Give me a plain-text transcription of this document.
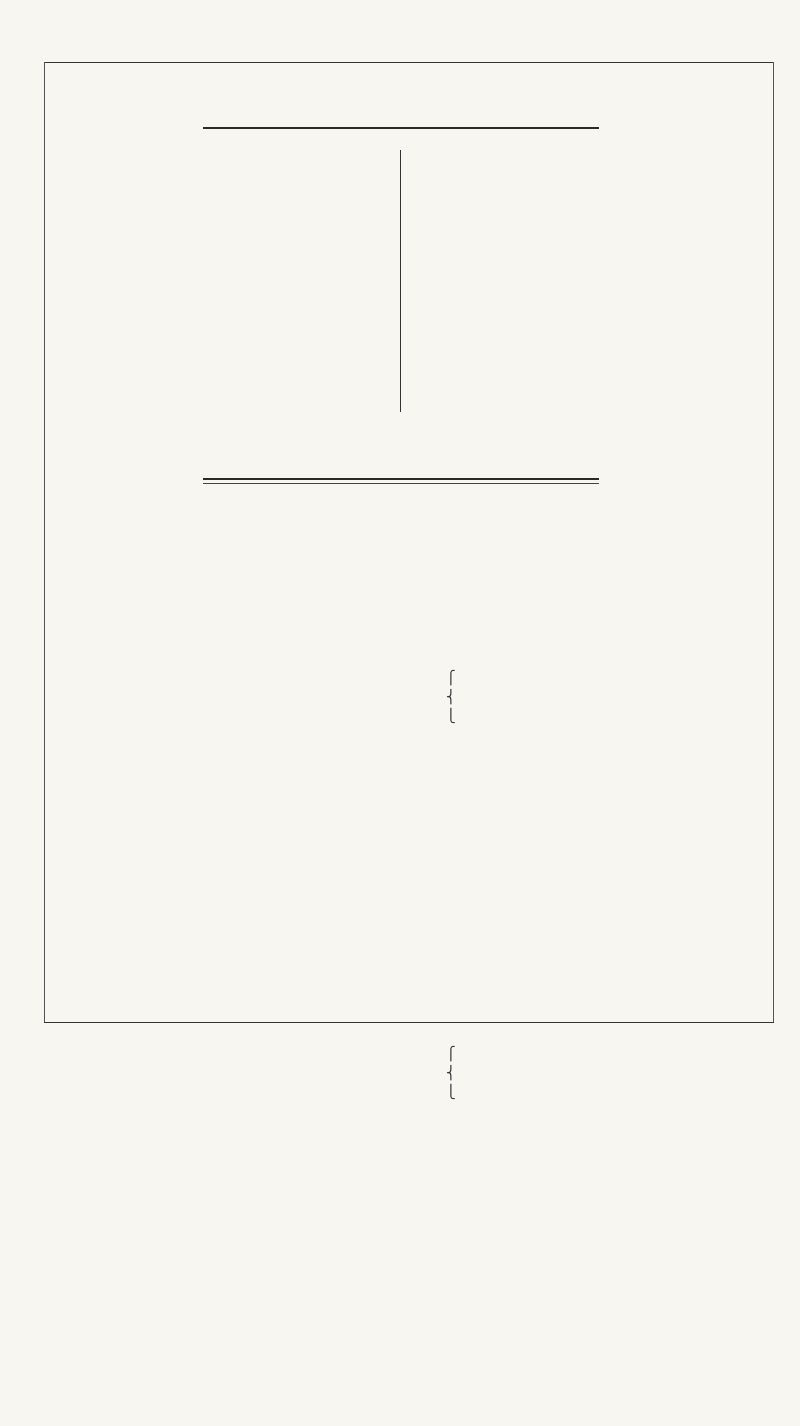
⎧
⎨
⎩
⎧
⎨
⎩
